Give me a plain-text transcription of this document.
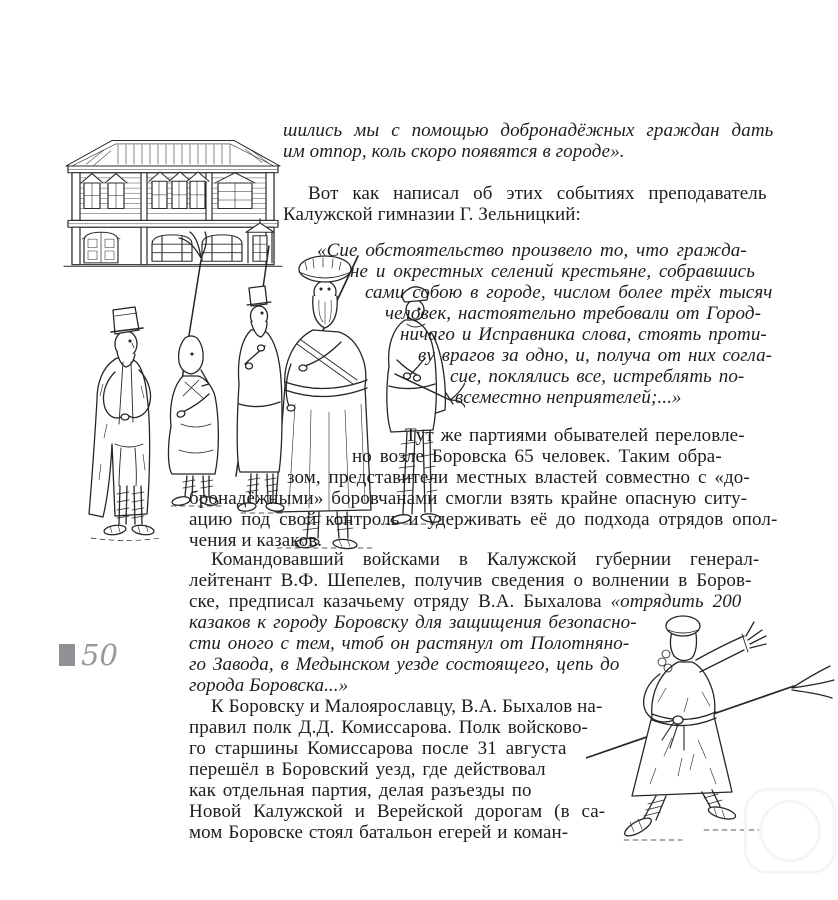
50
шились мы с помощью добронадёжных граждан дать
им отпор, коль скоро появятся в городе».
Вот как написал об этих событиях преподаватель
Калужской гимназии Г. Зельницкий:
«Сие обстоятельство произвело то, что гражда-
не и окрестных селений крестьяне, собравшись
сами собою в городе, числом более трёх тысяч
человек, настоятельно требовали от Город-
ничаго и Исправника слова, стоять проти-
ву врагов за одно, и, получа от них согла-
сие, поклялись все, истреблять по-
всеместно неприятелей;...»
Тут же партиями обывателей переловле-
но возле Боровска 65 человек. Таким обра-
зом, представители местных властей совместно с «до-
бронадёжными» боровчанами смогли взять крайне опасную ситу-
ацию под свой контроль и удерживать её до подхода отрядов опол-
чения и казаков.
Командовавший войсками в Калужской губернии генерал-
лейтенант В.Ф. Шепелев, получив сведения о волнении в Боров-
ске, предписал казачьему отряду В.А. Быхалова «отрядить 200
казаков к городу Боровску для защищения безопасно-
сти оного с тем, чтоб он растянул от Полотняно-
го Завода, в Медынском уезде состоящего, цепь до
города Боровска...»
К Боровску и Малоярославцу, В.А. Быхалов на-
правил полк Д.Д. Комиссарова. Полк войсково-
го старшины Комиссарова после 31 августа
перешёл в Боровский уезд, где действовал
как отдельная партия, делая разъезды по
Новой Калужской и Верейской дорогам (в са-
мом Боровске стоял батальон егерей и коман-
